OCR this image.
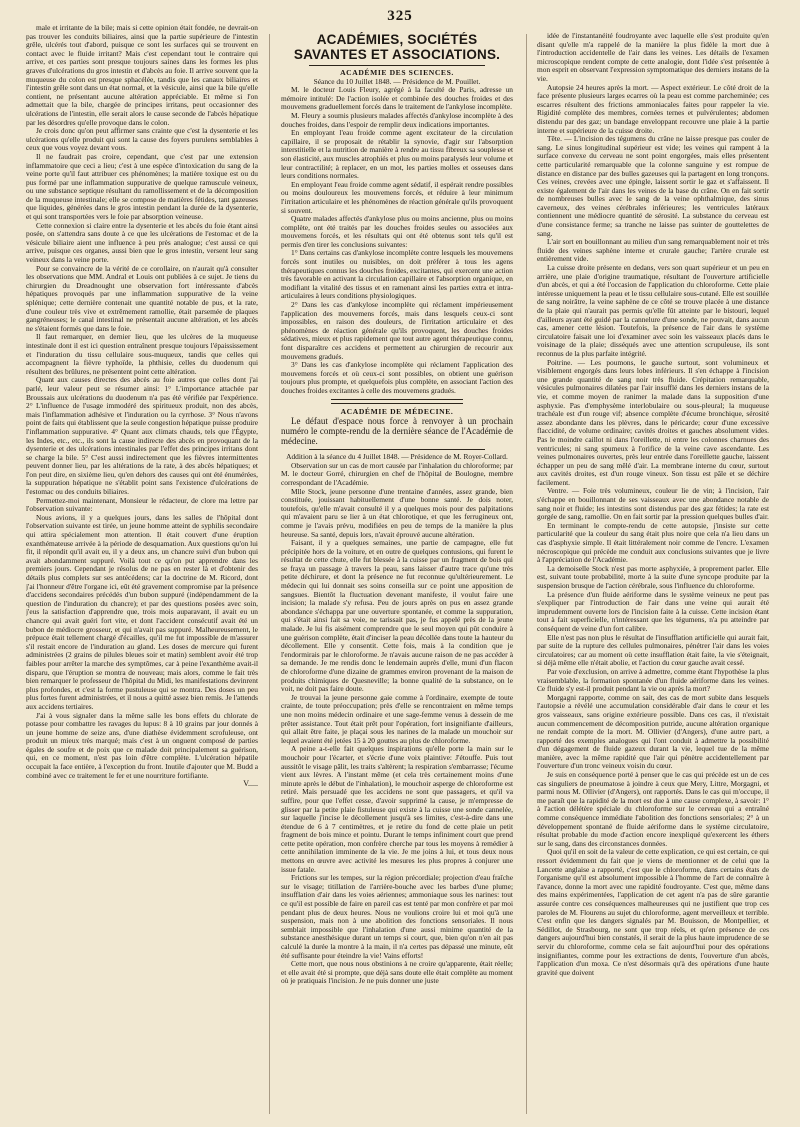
325

male et irritante de la bile; mais si cette opinion était fondée, ne devrait-on pas trouver les conduits biliaires, ainsi que la partie supérieure de l'intestin grêle, ulcérés tout d'abord, puisque ce sont les surfaces qui se trouvent en contact avec le fluide irritant? Mais c'est cependant tout le contraire qui arrive, et ces parties sont presque toujours saines dans les formes les plus graves d'ulcérations du gros intestin et d'abcès au foie. Il arrive souvent que la muqueuse du colon est presque sphacélée, tandis que les canaux biliaires et l'intestin grêle sont dans un état normal, et la vésicule, ainsi que la bile qu'elle contient, ne présentant aucune altération appréciable. Et même si l'on admettait que la bile, chargée de principes irritans, peut occasionner des ulcérations de l'intestin, elle serait alors le cause seconde de l'abcès hépatique par les désordres qu'elle provoque dans le colon.

Je crois donc qu'on peut affirmer sans crainte que c'est la dysenterie et les ulcérations qu'elle produit qui sont la cause des foyers purulens semblables à ceux que vous voyez devant vous.

Il ne faudrait pas croire, cependant, que c'est par une extension inflammatoire que ceci a lieu; c'est à une espèce d'intoxication du sang de la veine porte qu'il faut attribuer ces phénomènes; la matière toxique est ou du pus formé par une inflammation suppurative de quelque ramuscule veineux, ou une substance septique résultant du ramollissement et de la décomposition de la muqueuse intestinale; elle se compose de matières fétides, tant gazeuses que liquides, générées dans le gros intestin pendant la durée de la dysenterie, et qui sont transportées vers le foie par absorption veineuse.

Cette connexion si claire entre la dysenterie et les abcès du foie étant ainsi posée, on s'attendra sans doute à ce que les ulcérations de l'estomac et de la vésicule biliaire aient une influence à peu près analogue; c'est aussi ce qui arrive, puisque ces organes, aussi bien que le gros intestin, versent leur sang veineux dans la veine porte.

Pour se convaincre de la vérité de ce corollaire, on n'aurait qu'à consulter les observations que MM. Andral et Louis ont publiées à ce sujet. Je tiens du chirurgien du Dreadnought une observation fort intéressante d'abcès hépatiques provoqués par une inflammation suppurative de la veine splénique; cette dernière contenait une quantité notable de pus, et la rate, d'une couleur très vive et extrêmement ramollie, était parsemée de plaques gangréneuses; le canal intestinal ne présentait aucune altération, et les abcès ne s'étaient formés que dans le foie.

Il faut remarquer, en dernier lieu, que les ulcères de la muqueuse intestinale dont il est ici question entraînent presque toujours l'épaississement et l'induration du tissu cellulaire sous-muqueux, tandis que celles qui accompagnent la fièvre typhoïde, la phthisie, celles du duodenum qui résultent des brûlures, ne présentent point cette altération.

Quant aux causes directes des abcès au foie autres que celles dont j'ai parlé, leur valeur peut se résumer ainsi: 1° L'importance attachée par Broussais aux ulcérations du duodenum n'a pas été vérifiée par l'expérience. 2° L'influence de l'usage immodéré des spiritueux produit, non des abcès, mais l'inflammation adhésive et l'induration ou la cyrrhose. 3° Nous n'avons point de faits qui établissent que la seule congestion hépatique puisse produire l'inflammation suppurative. 4° Quant aux climats chauds, tels que l'Égypte, les Indes, etc., etc., ils sont la cause indirecte des abcès en provoquant de la dysenterie et des ulcérations intestinales par l'effet des principes irritans dont se charge la bile. 5° C'est aussi indirectement que les fièvres intermittentes peuvent donner lieu, par les altérations de la rate, à des abcès hépatiques; et l'on peut dire, en sixième lieu, qu'en dehors des causes qui ont été énumérées, la suppuration hépatique ne s'établit point sans l'existence d'ulcérations de l'estomac ou des conduits biliaires.

Permettez-moi maintenant, Monsieur le rédacteur, de clore ma lettre par l'observation suivante:

Nous avions, il y a quelques jours, dans les salles de l'hôpital dont l'observation suivante est tirée, un jeune homme atteint de syphilis secondaire qui attira spécialement mon attention. Il était couvert d'une éruption exanthémateuse arrivée à la période de desquamation. Aux questions qu'on lui fit, il répondit qu'il avait eu, il y a deux ans, un chancre suivi d'un bubon qui avait abondamment suppuré. Voilà tout ce qu'on put apprendre dans les premiers jours. Cependant je résolus de ne pas en rester là et d'obtenir des détails plus complets sur ses antécédens; car la doctrine de M. Ricord, dont j'ai l'honneur d'être l'organe ici, eût été gravement compromise par la présence d'accidens secondaires précédés d'un bubon suppuré (indépendamment de la question de l'induration du chancre); et par des questions posées avec soin, j'eus la satisfaction d'apprendre que, trois mois auparavant, il avait eu un chancre qui avait guéri fort vite, et dont l'accident consécutif avait été un bubon de médiocre grosseur, et qui n'avait pas suppuré. Malheureusement, le prépuce était tellement chargé d'écailles, qu'il me fut impossible de m'assurer s'il restait encore de l'induration au gland. Les doses de mercure qui furent administrées (2 grains de pilules bleues soir et matin) semblent avoir été trop faibles pour arrêter la marche des symptômes, car à peine l'exanthème avait-il disparu, que l'éruption se montra de nouveau; mais alors, comme le fait très bien remarquer le professeur de l'hôpital du Midi, les manifestations devinrent plus profondes, et c'est la forme pustuleuse qui se montra. Des doses un peu plus fortes furent administrées, et il nous a quitté assez bien remis. Je l'attends aux accidens tertiaires.

J'ai à vous signaler dans la même salle les bons effets du chlorate de potasse pour combattre les ravages du lupus: 8 à 10 grains par jour donnés à un jeune homme de seize ans, d'une diathèse évidemment scrofuleuse, ont produit un mieux très marqué; mais c'est à un onguent composé de parties égales de soufre et de poix que ce malade doit principalement sa guérison, qui, en ce moment, n'est pas loin d'être complète. L'ulcération hépatile occupait la face entière, à l'exception du front. Inutile d'ajouter que M. Budd a combiné avec ce traitement le fer et une nourriture fortifiante.

V.....

ACADÉMIES, SOCIÉTÉS SAVANTES ET ASSOCIATIONS.

ACADÉMIE DES SCIENCES.

Séance du 10 Juillet 1848. — Présidence de M. Pouillet.

M. le docteur Louis Fleury, agrégé à la faculté de Paris, adresse un mémoire intitulé: De l'action isolée et combinée des douches froides et des mouvemens graduellement forcés dans le traitement de l'ankylose incomplète.

M. Fleury a soumis plusieurs malades affectés d'ankylose incomplète à des douches froides, dans l'espoir de remplir deux indications importantes.

En employant l'eau froide comme agent excitateur de la circulation capillaire, il se proposait de rétablir la synovie, d'agir sur l'absorption interstitielle et la nutrition de manière à rendre au tissu fibreux sa souplesse et son élasticité, aux muscles atrophiés et plus ou moins paralysés leur volume et leur contractilité; à replacer, en un mot, les parties molles et osseuses dans leurs conditions normales.

En employant l'eau froide comme agent sédatif, il espérait rendre possibles ou moins douloureux les mouvemens forcés, et réduire à leur minimum l'irritation articulaire et les phénomènes de réaction générale qu'ils provoquent si souvent.

Quatre malades affectés d'ankylose plus ou moins ancienne, plus ou moins complète, ont été traités par les douches froides seules ou associées aux mouvemens forcés, et les résultats qui ont été obtenus sont tels qu'il est permis d'en tirer les conclusions suivantes:

1° Dans certains cas d'ankylose incomplète contre lesquels les mouvemens forcés sont inutiles ou nuisibles, on doit préférer à tous les agens thérapeutiques connus les douches froides, excitantes, qui exercent une action très favorable en activant la circulation capillaire et l'absorption organique, en modifiant la vitalité des tissus et en ramenant ainsi les parties extra et intra-articulaires à leurs conditions physiologiques.

2° Dans les cas d'ankylose incomplète qui réclament impérieusement l'application des mouvemens forcés, mais dans lesquels ceux-ci sont impossibles, en raison des douleurs, de l'irritation articulaire et des phénomènes de réaction générale qu'ils provoquent, les douches froides sédatives, mieux et plus rapidement que tout autre agent thérapeutique connu, font disparaître ces accidens et permettent au chirurgien de recourir aux mouvemens gradués.

3° Dans les cas d'ankylose incomplète qui réclament l'application des mouvemens forcés et où ceux-ci sont possibles, on obtient une guérison toujours plus prompte, et quelquefois plus complète, en associant l'action des douches froides excitantes à celle des mouvemens gradués.

ACADÉMIE DE MÉDECINE.

Le défaut d'espace nous force à renvoyer à un prochain numéro le compte-rendu de la dernière séance de l'Académie de médecine.

Addition à la séance du 4 Juillet 1848. — Présidence de M. Royer-Collard.

Observation sur un cas de mort causée par l'inhalation du chloroforme; par M. le docteur Gorré, chirurgien en chef de l'hôpital de Boulogne, membre correspondant de l'Académie.

Mlle Stock, jeune personne d'une trentaine d'années, assez grande, bien constituée, jouissant habituellement d'une bonne santé. Je dois noter, toutefois, qu'elle m'avait consulté il y a quelques mois pour des palpitations qui m'avaient paru se lier à un état chlorotique, et que les ferrugineux ont, comme je l'avais prévu, modifiées en peu de temps de la manière la plus heureuse. Sa santé, depuis lors, n'avait éprouvé aucune altération.

Faisant, il y a quelques semaines, une partie de campagne, elle fut précipitée hors de la voiture, et en outre de quelques contusions, qui furent le résultat de cette chute, elle fut blessée à la cuisse par un fragment de bois qui se fraya un passage à travers la peau, sans laisser d'autre trace qu'une très petite déchirure, et dont la présence ne fut reconnue qu'ultérieurement. Le médecin qui lui donnait ses soins conseilla sur ce point une apposition de sangsues. Bientôt la fluctuation devenant manifeste, il voulut faire une incision; la malade s'y refusa. Peu de jours après on pus en assez grande abondance s'échappa par une ouverture spontanée, et comme la suppuration, qui s'était ainsi fait sa voie, ne tarissait pas, je fus appelé près de la jeune malade. Je lui fis aisément comprendre que le seul moyen qui pût conduire à une guérison complète, était d'inciser la peau décollée dans toute la hauteur du décollement. Elle y consentit. Cette fois, mais à la condition que je l'endormirais par le chloroforme. Je n'avais aucune raison de ne pas accéder à sa demande. Je me rendis donc le lendemain auprès d'elle, muni d'un flacon de chloroforme d'une dizaine de grammes environ provenant de la maison de produits chimiques de Quesneville; la bonne qualité de la substance, on le voit, ne doit pas faire doute.

Je trouvai la jeune personne gaie comme à l'ordinaire, exempte de toute crainte, de toute préoccupation; près d'elle se rencontraient en même temps une non moins médecin ordinaire et une sage-femme venus à dessein de me prêter assistance. Tout était prêt pour l'opération, fort insignifiante d'ailleurs, qui allait être faite, je plaçai sous les narines de la malade un mouchoir sur lequel avaient été jetées 15 à 20 gouttes au plus de chloroforme.

A peine a-t-elle fait quelques inspirations qu'elle porte la main sur le mouchoir pour l'écarter, et s'écrie d'une voix plaintive: J'étouffe. Puis tout aussitôt le visage pâlit, les traits s'altèrent; la respiration s'embarrasse; l'écume vient aux lèvres. A l'instant même (et cela très certainement moins d'une minute après le début de l'inhalation), le mouchoir asperge de chloroforme est retiré. Mais persuadé que les accidens ne sont que passagers, et qu'il va suffire, pour que l'effet cesse, d'avoir supprimé la cause, je m'empresse de glisser par la petite plaie fistuleuse qui existe à la cuisse une sonde cannelée, sur laquelle j'incise le décollement jusqu'à ses limites, c'est-à-dire dans une étendue de 6 à 7 centimètres, et je retire du fond de cette plaie un petit fragment de bois mince et pointu. Durant le temps infiniment court que prend cette petite opération, mon confrère cherche par tous les moyens à remédier à cette annihilation imminente de la vie. Je me joins à lui, et tous deux nous mettons en œuvre avec activité les mesures les plus propres à conjurer une issue fatale.

Frictions sur les tempes, sur la région précordiale; projection d'eau fraîche sur le visage; titillation de l'arrière-bouche avec les barbes d'une plume; insufflation d'air dans les voies aériennes; ammoniaque sous les narines: tout ce qu'il est possible de faire en pareil cas est tenté par mon confrère et par moi pendant plus de deux heures. Nous ne voulions croire lui et moi qu'à une suspension, mais non à une abolition des fonctions sensoriales. Il nous semblait impossible que l'inhalation d'une aussi minime quantité de la substance anesthésique durant un temps si court, que, bien qu'on n'en ait pas calculé la durée la montre à la main, il n'a certes pas dépassé une minute, eût été suffisante pour éteindre la vie! Vains efforts!

Cette mort, que nous nous obstinions à ne croire qu'apparente, était réelle; et elle avait été si prompte, que déjà sans doute elle était complète au moment où je pratiquais l'incision. Je ne puis donner une juste

idée de l'instantanéité foudroyante avec laquelle elle s'est produite qu'en disant qu'elle m'a rappelé de la manière la plus fidèle la mort due à l'introduction accidentelle de l'air dans les veines. Les détails de l'examen microscopique rendent compte de cette analogie, dont l'idée s'est présentée à mon esprit en observant l'expression symptomatique des derniers instans de la vie.

Autopsie 24 heures après la mort. — Aspect extérieur. Le côté droit de la face présente plusieurs larges ecarres où la peau est comme parcheminée; ces escarres résultent des frictions ammoniacales faites pour rappeler la vie. Rigidité complète des membres, cornées ternes et pulvérulentes; abdomen distendu par des gaz; un bandage enveloppant recouvre une plaie à la partie interne et supérieure de la cuisse droite.

Tête. — L'incision des tégumens du crâne ne laisse presque pas couler de sang. Le sinus longitudinal supérieur est vide; les veines qui rampent à la surface convexe du cerveau ne sont point engorgées, mais elles présentent cette particularité remarquable que la colonne sanguine y est rompue de distance en distance par des bulles gazeuses qui la partagent en long tronçons. Ces veines, crevées avec une épingle, laissent sortir le gaz et s'affaissent. Il existe également de l'air dans les veines de la base du crâne. On en fait sortir de nombreuses bulles avec le sang de la veine ophthalmique, des sinus caverneux, des veines cérébrales inférieures; les ventricules latéraux contiennent une médiocre quantité de sérosité. La substance du cerveau est d'une consistance ferme; sa tranche ne laisse pas suinter de gouttelettes de sang.

L'air sort en bouillonnant au milieu d'un sang remarquablement noir et très fluide des veines saphène interne et crurale gauche; l'artère crurale est entièrement vide.

La cuisse droite présente en dedans, vers son quart supérieur et un peu en arrière, une plaie d'origine traumatique, résultant de l'ouverture artificielle d'un abcès, et qui a été l'occasion de l'application du chloroforme. Cette plaie intéresse uniquement la peau et le tissu cellulaire sous-cutané. Elle est souillée de sang noirâtre, la veine saphène de ce côté se trouve placée à une distance de la plaie qui n'aurait pas permis qu'elle fût atteinte par le bistouri, lequel d'ailleurs ayant été guidé par la cannelure d'une sonde, ne pouvait, dans aucun cas, amener cette lésion. Toutefois, la présence de l'air dans le système circulatoire faisait une loi d'examiner avec soin les vaisseaux placés dans le voisinage de la plaie; disséqués avec une attention scrupuleuse, ils sont reconnus de la plus parfaite intégrité.

Poitrine. — Les poumons, le gauche surtout, sont volumineux et visiblement engorgés dans leurs lobes inférieurs. Il s'en échappe à l'incision une grande quantité de sang noir très fluide. Crépitation remarquable, vésicules pulmonaires dilatées par l'air insufflé dans les derniers instans de la vie, et comme moyen de ranimer la malade dans la supposition d'une asphyxie. Pas d'emphysème interlobulaire ou sous-pleural; la muqueuse trachéale est d'un rouge vif; absence complète d'écume bronchique, sérosité assez abondante dans les plèvres, dans le péricarde; cœur d'une excessive flaccidité, de volume ordinaire; cavités droites et gauches absolument vides. Pas le moindre caillot ni dans l'oreillette, ni entre les colonnes charnues des ventricules; ni sang spumeux à l'orifice de la veine cave ascendante. Les veines pulmonaires ouvertes, près leur entrée dans l'oreillette gauche, laissent échapper un peu de sang mêlé d'air. La membrane interne du cœur, surtout aux cavités droites, est d'un rouge vineux. Son tissu est pâle et se déchire facilement.

Ventre. — Foie très volumineux, couleur lie de vin; à l'incision, l'air s'échappe en bouillonnant de ses vaisseaux avec une abondance notable de sang noir et fluide; les intestins sont distendus par des gaz fétides; la rate est gorgée de sang, ramollie. On en fait sortir par la pression quelques bulles d'air.

En terminant le compte-rendu de cette autopsie, j'insiste sur cette particularité que la couleur du sang était plus noire que cela n'a lieu dans un cas d'asphyxie simple. Il était littéralement noir comme de l'encre. L'examen nécroscopique qui précède me conduit aux conclusions suivantes que je livre à l'appréciation de l'Académie.

La demoiselle Stock n'est pas morte asphyxiée, à proprement parler. Elle est, suivant toute probabilité, morte à la suite d'une syncope produite par la suspension brusque de l'action cérébrale, sous l'influence du chloroforme.

La présence d'un fluide aériforme dans le système veineux ne peut pas s'expliquer par l'introduction de l'air dans une veine qui aurait été imprudemment ouverte lors de l'incision faite à la cuisse. Cette incision étant tout à fait superficielle, n'intéressant que les tégumens, n'a pu atteindre par conséquent de veine d'un fort calibre.

Elle n'est pas non plus le résultat de l'insufflation artificielle qui aurait fait, par suite de la rupture des cellules pulmonaires, pénétrer l'air dans les voies circulatoires; car au moment où cette insufflation était faite, la vie s'éteignait, si déjà même elle n'était abolie, et l'action du cœur gauche avait cessé.

Par voie d'exclusion, on arrive à admettre, comme étant l'hypothèse la plus vraisemblable, la formation spontanée d'un fluide aériforme dans les veines. Ce fluide s'y est-il produit pendant la vie ou après la mort?

Morgagni rapporte, comme on sait, des cas de mort subite dans lesquels l'autopsie a révélé une accumulation considérable d'air dans le cœur et les gros vaisseaux, sans origine extérieure possible. Dans ces cas, il n'existait aucun commencement de décomposition putride, aucune altération organique ne rendait compte de la mort. M. Ollivier (d'Angers), d'une autre part, a rapporté des exemples analogues qui l'ont conduit à admettre la possibilité d'un dégagement de fluide gazeux durant la vie, lequel tue de la même manière, avec la même rapidité que l'air qui pénètre accidentellement par l'ouverture d'un tronc veineux voisin du cœur.

Je suis en conséquence porté à penser que le cas qui précède est un de ces cas singuliers de pneumatose à joindre à ceux que Mery, Littre, Morgagni, et parmi nous M. Ollivier (d'Angers), ont rapportés. Dans le cas qui m'occupe, il me paraît que la rapidité de la mort est due à une cause complexe, à savoir: 1° à l'action délétère spéciale du chloroforme sur le cerveau qui a entraîné comme conséquence immédiate l'abolition des fonctions sensoriales; 2° à un développement spontané de fluide aériforme dans le système circulatoire, résultat probable du mode d'action encore inexpliqué qu'exercent les éthers sur le sang, dans des circonstances données.

Quoi qu'il en soit de la valeur de cette explication, ce qui est certain, ce qui ressort évidemment du fait que je viens de mentionner et de celui que la Lancette anglaise a rapporté, c'est que le chloroforme, dans certains états de l'organisme qu'il est absolument impossible à l'homme de l'art de connaître à l'avance, donne la mort avec une rapidité foudroyante. C'est que, même dans des mains expérimentées, l'application de cet agent n'a pas de sûre garantie assurée contre ces conséquences malheureuses qui ne justifient que trop ces paroles de M. Flourens au sujet du chloroforme, agent merveilleux et terrible. C'est enfin que les dangers signalés par M. Bouisson, de Montpellier, et Sédillot, de Strasbourg, ne sont que trop réels, et qu'en présence de ces dangers aujourd'hui bien constatés, il serait de la plus haute imprudence de se servir du chloroforme, comme cela se fait aujourd'hui pour des opérations insignifiantes, comme pour les extractions de dents, l'ouverture d'un abcès, l'application d'un moxa. Ce n'est désormais qu'à des opérations d'une haute gravité que doivent
